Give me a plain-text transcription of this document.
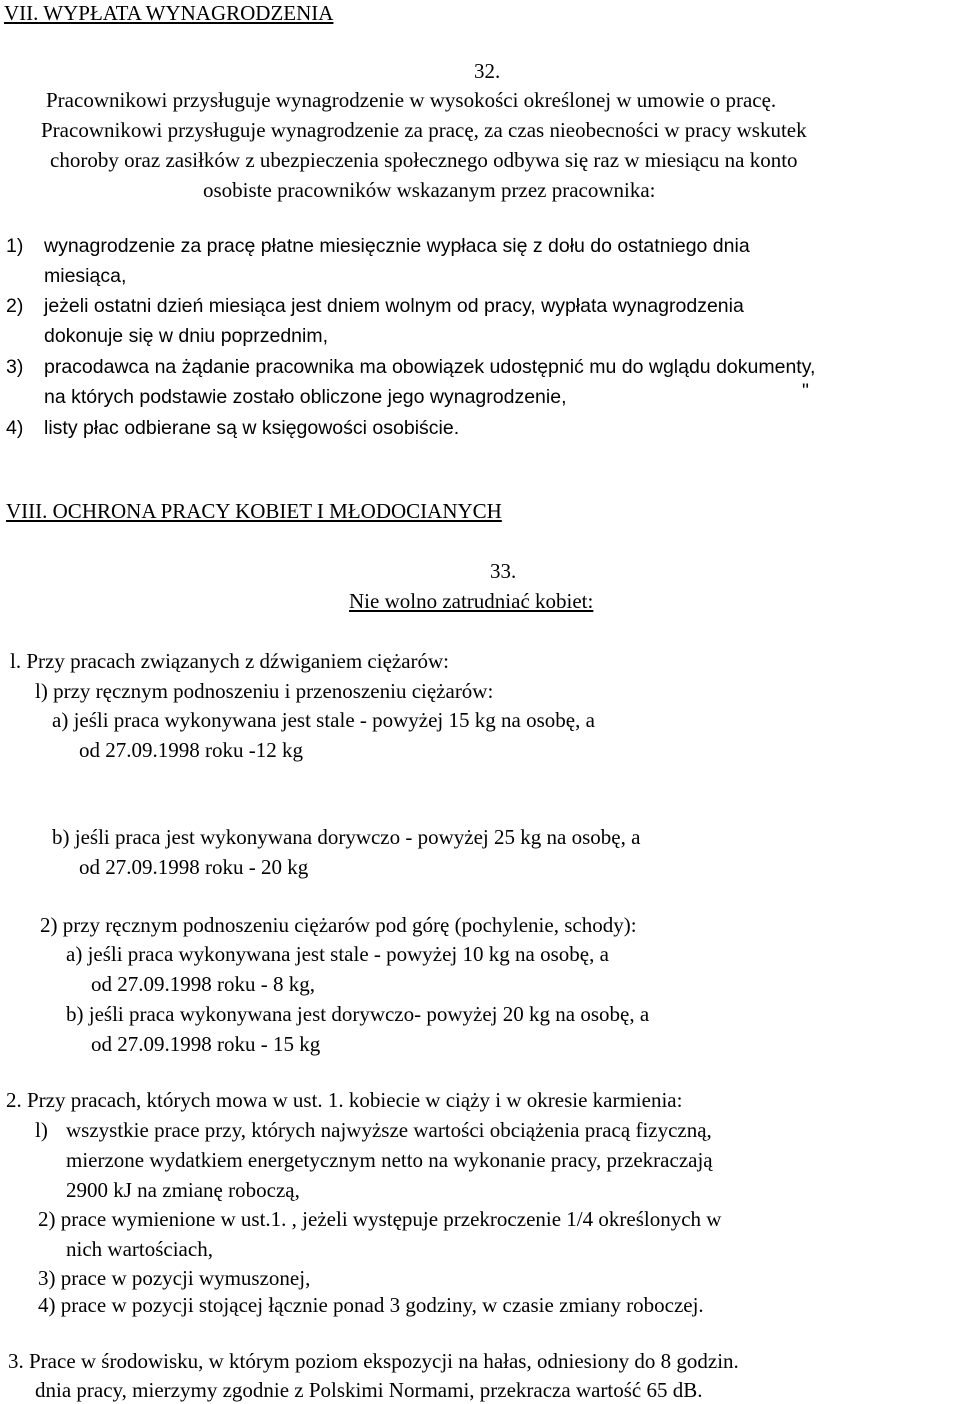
VII. WYPŁATA WYNAGRODZENIA
32.
Pracownikowi przysługuje wynagrodzenie w wysokości określonej w umowie o pracę.
Pracownikowi przysługuje wynagrodzenie za pracę, za czas nieobecności w pracy wskutek
choroby oraz zasiłków z ubezpieczenia społecznego odbywa się raz w miesiącu na konto
osobiste pracowników wskazanym przez pracownika:
1) wynagrodzenie za pracę płatne miesięcznie wypłaca się z dołu do ostatniego dnia
miesiąca,
2) jeżeli ostatni dzień miesiąca jest dniem wolnym od pracy, wypłata wynagrodzenia
dokonuje się w dniu poprzednim,
3) pracodawca na żądanie pracownika ma obowiązek udostępnić mu do wglądu dokumenty,
na których podstawie zostało obliczone jego wynagrodzenie,	"
4) listy płac odbierane są w księgowości osobiście.
VIII. OCHRONA PRACY KOBIET I MŁODOCIANYCH
33.
Nie wolno zatrudniać kobiet:
l. Przy pracach związanych z dźwiganiem ciężarów:
l) przy ręcznym podnoszeniu i przenoszeniu ciężarów:
a) jeśli praca wykonywana jest stale - powyżej 15 kg na osobę, a
od 27.09.1998 roku -12 kg
b) jeśli praca jest wykonywana dorywczo - powyżej 25 kg na osobę, a
od 27.09.1998 roku - 20 kg
2) przy ręcznym podnoszeniu ciężarów pod górę (pochylenie, schody):
a) jeśli praca wykonywana jest stale - powyżej 10 kg na osobę, a
od 27.09.1998 roku - 8 kg,
b) jeśli praca wykonywana jest dorywczo- powyżej 20 kg na osobę, a
od 27.09.1998 roku - 15 kg
2. Przy pracach, których mowa w ust. 1. kobiecie w ciąży i w okresie karmienia:
l) wszystkie prace przy, których najwyższe wartości obciążenia pracą fizyczną,
mierzone wydatkiem energetycznym netto na wykonanie pracy, przekraczają
2900 kJ na zmianę roboczą,
2) prace wymienione w ust.1. , jeżeli występuje przekroczenie 1/4 określonych w
nich wartościach,
3) prace w pozycji wymuszonej,
4) prace w pozycji stojącej łącznie ponad 3 godziny, w czasie zmiany roboczej.
3. Prace w środowisku, w którym poziom ekspozycji na hałas, odniesiony do 8 godzin.
dnia pracy, mierzymy zgodnie z Polskimi Normami, przekracza wartość 65 dB.
